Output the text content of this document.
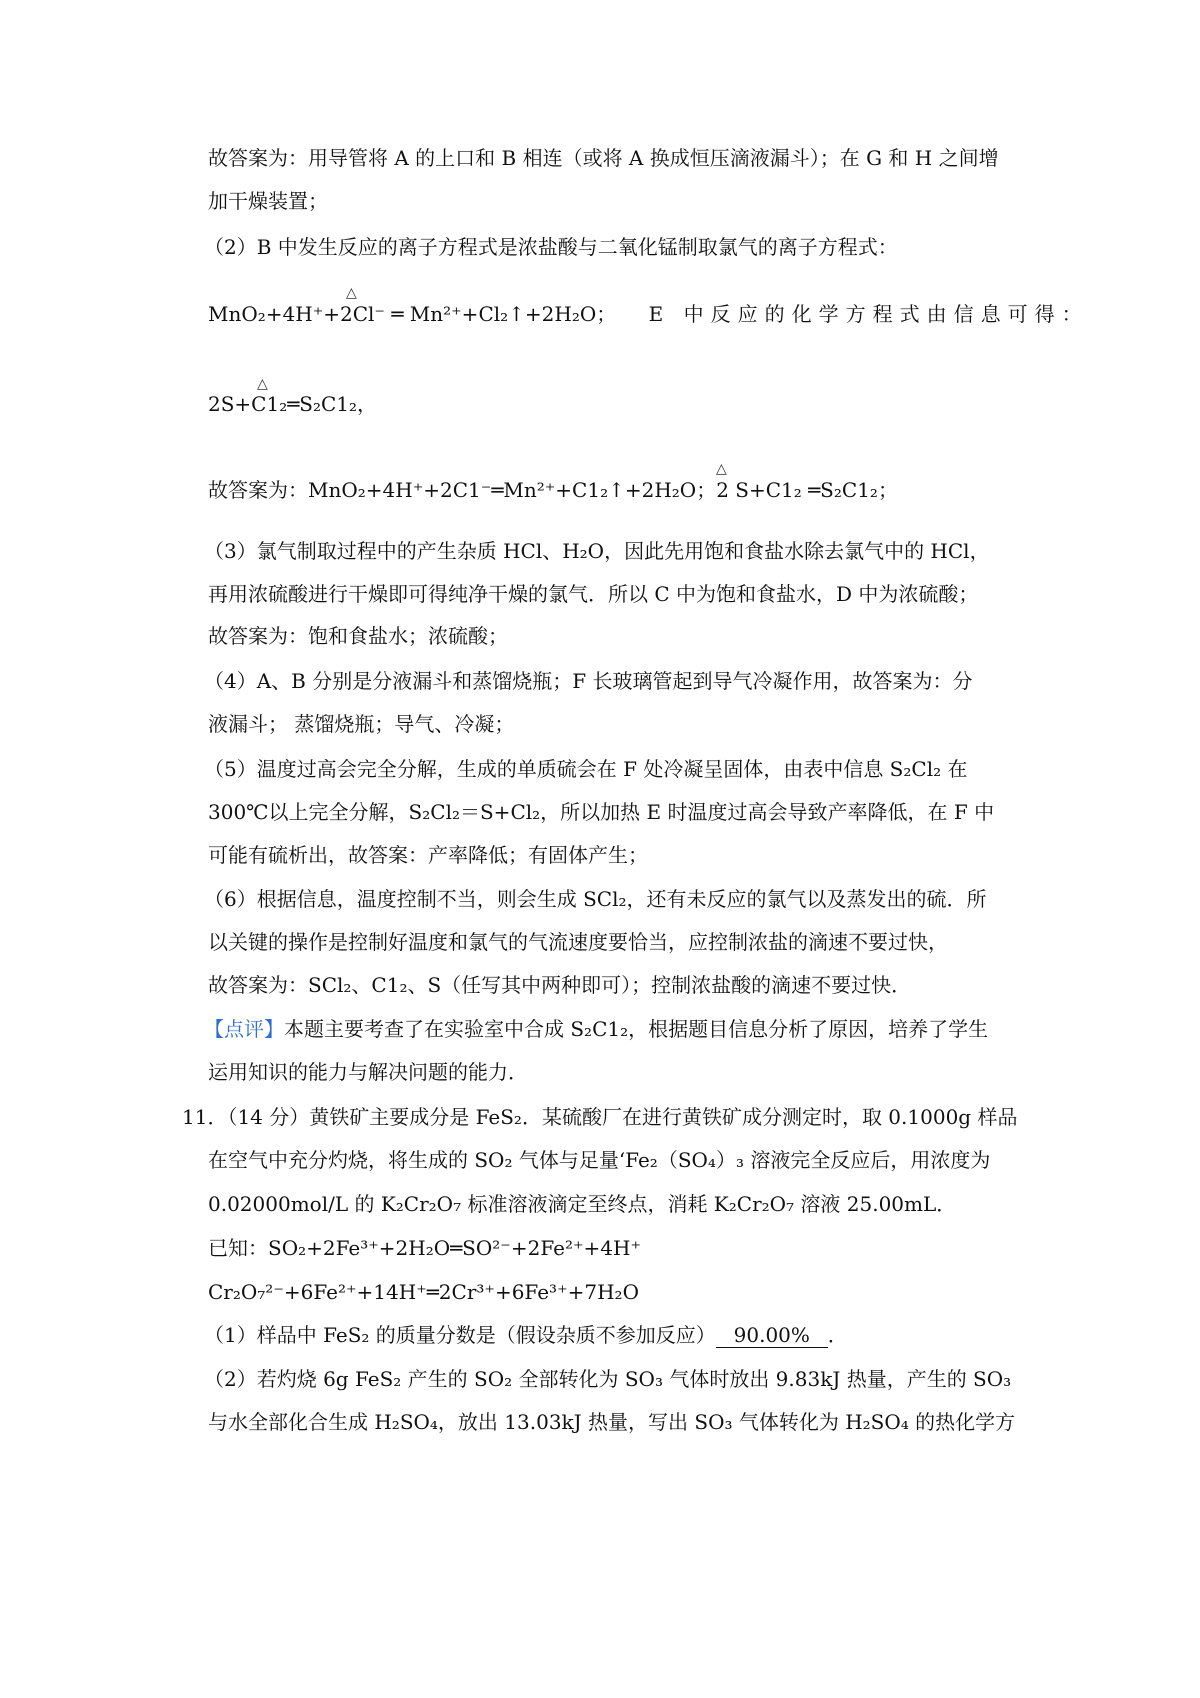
故答案为：用导管将 A 的上口和 B 相连（或将 A 换成恒压滴液漏斗）；在 G 和 H 之间增
加干燥装置；
（2）B 中发生反应的离子方程式是浓盐酸与二氧化锰制取氯气的离子方程式：
△
MnO₂+4H⁺+2Cl⁻ ═ Mn²⁺+Cl₂↑+2H₂O； E 中反应的化学方程式由信息可得：
△
2S+C1₂═S₂C1₂，
△
故答案为：MnO₂+4H⁺+2C1⁻═Mn²⁺+C1₂↑+2H₂O；2 S+C1₂ ═S₂C1₂；
（3）氯气制取过程中的产生杂质 HCl、H₂O，因此先用饱和食盐水除去氯气中的 HCl，
再用浓硫酸进行干燥即可得纯净干燥的氯气．所以 C 中为饱和食盐水，D 中为浓硫酸；
故答案为：饱和食盐水；浓硫酸；
（4）A、B 分别是分液漏斗和蒸馏烧瓶；F 长玻璃管起到导气冷凝作用，故答案为：分
液漏斗； 蒸馏烧瓶；导气、冷凝；
（5）温度过高会完全分解，生成的单质硫会在 F 处冷凝呈固体，由表中信息 S₂Cl₂ 在
300℃以上完全分解，S₂Cl₂＝S+Cl₂，所以加热 E 时温度过高会导致产率降低，在 F 中
可能有硫析出，故答案：产率降低；有固体产生；
（6）根据信息，温度控制不当，则会生成 SCl₂，还有未反应的氯气以及蒸发出的硫．所
以关键的操作是控制好温度和氯气的气流速度要恰当，应控制浓盐的滴速不要过快，
故答案为：SCl₂、C1₂、S（任写其中两种即可）；控制浓盐酸的滴速不要过快．
【点评】本题主要考查了在实验室中合成 S₂C1₂，根据题目信息分析了原因，培养了学生
运用知识的能力与解决问题的能力．
11．（14 分）黄铁矿主要成分是 FeS₂．某硫酸厂在进行黄铁矿成分测定时，取 0.1000g 样品
在空气中充分灼烧，将生成的 SO₂ 气体与足量‘Fe₂（SO₄）₃ 溶液完全反应后，用浓度为
0.02000mol/L 的 K₂Cr₂O₇ 标准溶液滴定至终点，消耗 K₂Cr₂O₇ 溶液 25.00mL．
已知：SO₂+2Fe³⁺+2H₂O═SO²⁻+2Fe²⁺+4H⁺
Cr₂O₇²⁻+6Fe²⁺+14H⁺═2Cr³⁺+6Fe³⁺+7H₂O
（1）样品中 FeS₂ 的质量分数是（假设杂质不参加反应） 90.00% ．
（2）若灼烧 6g FeS₂ 产生的 SO₂ 全部转化为 SO₃ 气体时放出 9.83kJ 热量，产生的 SO₃
与水全部化合生成 H₂SO₄，放出 13.03kJ 热量，写出 SO₃ 气体转化为 H₂SO₄ 的热化学方
